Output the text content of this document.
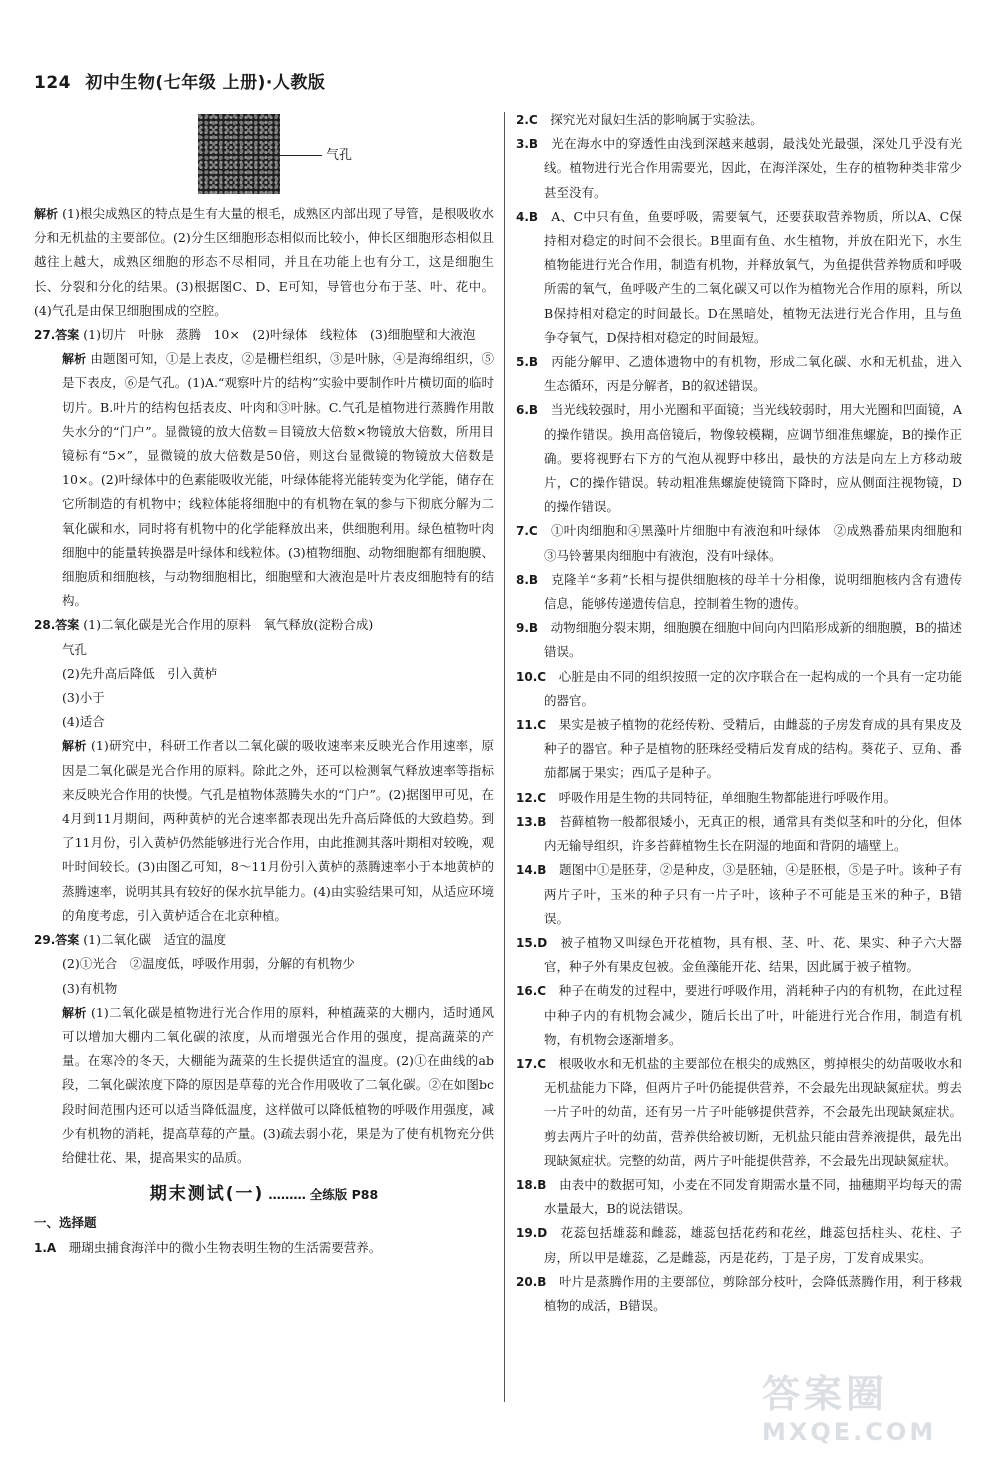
124 初中生物(七年级 上册)·人教版
气孔

解析 (1)根尖成熟区的特点是生有大量的根毛，成熟区内部出现了导管，是根吸收水分和无机盐的主要部位。(2)分生区细胞形态相似而比较小，伸长区细胞形态相似且越往上越大，成熟区细胞的形态不尽相同，并且在功能上也有分工，这是细胞生长、分裂和分化的结果。(3)根据图C、D、E可知，导管也分布于茎、叶、花中。(4)气孔是由保卫细胞围成的空腔。

27.答案 (1)切片　叶脉　蒸腾　10×　(2)叶绿体　线粒体　(3)细胞壁和大液泡

解析 由题图可知，①是上表皮，②是栅栏组织，③是叶脉，④是海绵组织，⑤是下表皮，⑥是气孔。(1)A.“观察叶片的结构”实验中要制作叶片横切面的临时切片。B.叶片的结构包括表皮、叶肉和③叶脉。C.气孔是植物进行蒸腾作用散失水分的“门户”。显微镜的放大倍数＝目镜放大倍数×物镜放大倍数，所用目镜标有“5×”，显微镜的放大倍数是50倍，则这台显微镜的物镜放大倍数是10×。(2)叶绿体中的色素能吸收光能，叶绿体能将光能转变为化学能，储存在它所制造的有机物中；线粒体能将细胞中的有机物在氧的参与下彻底分解为二氧化碳和水，同时将有机物中的化学能释放出来，供细胞利用。绿色植物叶肉细胞中的能量转换器是叶绿体和线粒体。(3)植物细胞、动物细胞都有细胞膜、细胞质和细胞核，与动物细胞相比，细胞壁和大液泡是叶片表皮细胞特有的结构。

28.答案 (1)二氧化碳是光合作用的原料　氧气释放(淀粉合成)

气孔

(2)先升高后降低　引入黄栌

(3)小于

(4)适合

解析 (1)研究中，科研工作者以二氧化碳的吸收速率来反映光合作用速率，原因是二氧化碳是光合作用的原料。除此之外，还可以检测氧气释放速率等指标来反映光合作用的快慢。气孔是植物体蒸腾失水的“门户”。(2)据图甲可见，在4月到11月期间，两种黄栌的光合速率都表现出先升高后降低的大致趋势。到了11月份，引入黄栌仍然能够进行光合作用，由此推测其落叶期相对较晚，观叶时间较长。(3)由图乙可知，8～11月份引入黄栌的蒸腾速率小于本地黄栌的蒸腾速率，说明其具有较好的保水抗旱能力。(4)由实验结果可知，从适应环境的角度考虑，引入黄栌适合在北京种植。

29.答案 (1)二氧化碳　适宜的温度

(2)①光合　②温度低，呼吸作用弱，分解的有机物少

(3)有机物

解析 (1)二氧化碳是植物进行光合作用的原料，种植蔬菜的大棚内，适时通风可以增加大棚内二氧化碳的浓度，从而增强光合作用的强度，提高蔬菜的产量。在寒冷的冬天，大棚能为蔬菜的生长提供适宜的温度。(2)①在曲线的ab段，二氧化碳浓度下降的原因是草莓的光合作用吸收了二氧化碳。②在如图bc段时间范围内还可以适当降低温度，这样做可以降低植物的呼吸作用强度，减少有机物的消耗，提高草莓的产量。(3)疏去弱小花，果是为了使有机物充分供给健壮花、果，提高果实的品质。

期末测试(一) ……… 全练版 P88

一、选择题

1.A　 珊瑚虫捕食海洋中的微小生物表明生物的生活需要营养。

2.C　 探究光对鼠妇生活的影响属于实验法。

3.B　 光在海水中的穿透性由浅到深越来越弱，最浅处光最强，深处几乎没有光线。植物进行光合作用需要光，因此，在海洋深处，生存的植物种类非常少甚至没有。

4.B　 A、C中只有鱼，鱼要呼吸，需要氧气，还要获取营养物质，所以A、C保持相对稳定的时间不会很长。B里面有鱼、水生植物，并放在阳光下，水生植物能进行光合作用，制造有机物，并释放氧气，为鱼提供营养物质和呼吸所需的氧气，鱼呼吸产生的二氧化碳又可以作为植物光合作用的原料，所以B保持相对稳定的时间最长。D在黑暗处，植物无法进行光合作用，且与鱼争夺氧气，D保持相对稳定的时间最短。

5.B　 丙能分解甲、乙遗体遗物中的有机物，形成二氧化碳、水和无机盐，进入生态循环，丙是分解者，B的叙述错误。

6.B　 当光线较强时，用小光圈和平面镜；当光线较弱时，用大光圈和凹面镜，A的操作错误。换用高倍镜后，物像较模糊，应调节细准焦螺旋，B的操作正确。要将视野右下方的气泡从视野中移出，最快的方法是向左上方移动玻片，C的操作错误。转动粗准焦螺旋使镜筒下降时，应从侧面注视物镜，D的操作错误。

7.C　 ①叶肉细胞和④黑藻叶片细胞中有液泡和叶绿体　②成熟番茄果肉细胞和③马铃薯果肉细胞中有液泡，没有叶绿体。

8.B　 克隆羊“多莉”长相与提供细胞核的母羊十分相像，说明细胞核内含有遗传信息，能够传递遗传信息，控制着生物的遗传。

9.B　 动物细胞分裂末期，细胞膜在细胞中间向内凹陷形成新的细胞膜，B的描述错误。

10.C　 心脏是由不同的组织按照一定的次序联合在一起构成的一个具有一定功能的器官。

11.C　 果实是被子植物的花经传粉、受精后，由雌蕊的子房发育成的具有果皮及种子的器官。种子是植物的胚珠经受精后发育成的结构。葵花子、豆角、番茄都属于果实；西瓜子是种子。

12.C　 呼吸作用是生物的共同特征，单细胞生物都能进行呼吸作用。

13.B　 苔藓植物一般都很矮小，无真正的根，通常具有类似茎和叶的分化，但体内无输导组织，许多苔藓植物生长在阴湿的地面和背阴的墙壁上。

14.B　 题图中①是胚芽，②是种皮，③是胚轴，④是胚根，⑤是子叶。该种子有两片子叶，玉米的种子只有一片子叶，该种子不可能是玉米的种子，B错误。

15.D　 被子植物又叫绿色开花植物，具有根、茎、叶、花、果实、种子六大器官，种子外有果皮包被。金鱼藻能开花、结果，因此属于被子植物。

16.C　 种子在萌发的过程中，要进行呼吸作用，消耗种子内的有机物，在此过程中种子内的有机物会减少，随后长出了叶，叶能进行光合作用，制造有机物，有机物会逐渐增多。

17.C　 根吸收水和无机盐的主要部位在根尖的成熟区，剪掉根尖的幼苗吸收水和无机盐能力下降，但两片子叶仍能提供营养，不会最先出现缺氮症状。剪去一片子叶的幼苗，还有另一片子叶能够提供营养，不会最先出现缺氮症状。剪去两片子叶的幼苗，营养供给被切断，无机盐只能由营养液提供，最先出现缺氮症状。完整的幼苗，两片子叶能提供营养，不会最先出现缺氮症状。

18.B　 由表中的数据可知，小麦在不同发育期需水量不同，抽穗期平均每天的需水量最大，B的说法错误。

19.D　 花蕊包括雄蕊和雌蕊，雄蕊包括花药和花丝，雌蕊包括柱头、花柱、子房，所以甲是雄蕊，乙是雌蕊，丙是花药，丁是子房，丁发育成果实。

20.B　 叶片是蒸腾作用的主要部位，剪除部分枝叶，会降低蒸腾作用，利于移栽植物的成活，B错误。

答案圈
MXQE.COM
